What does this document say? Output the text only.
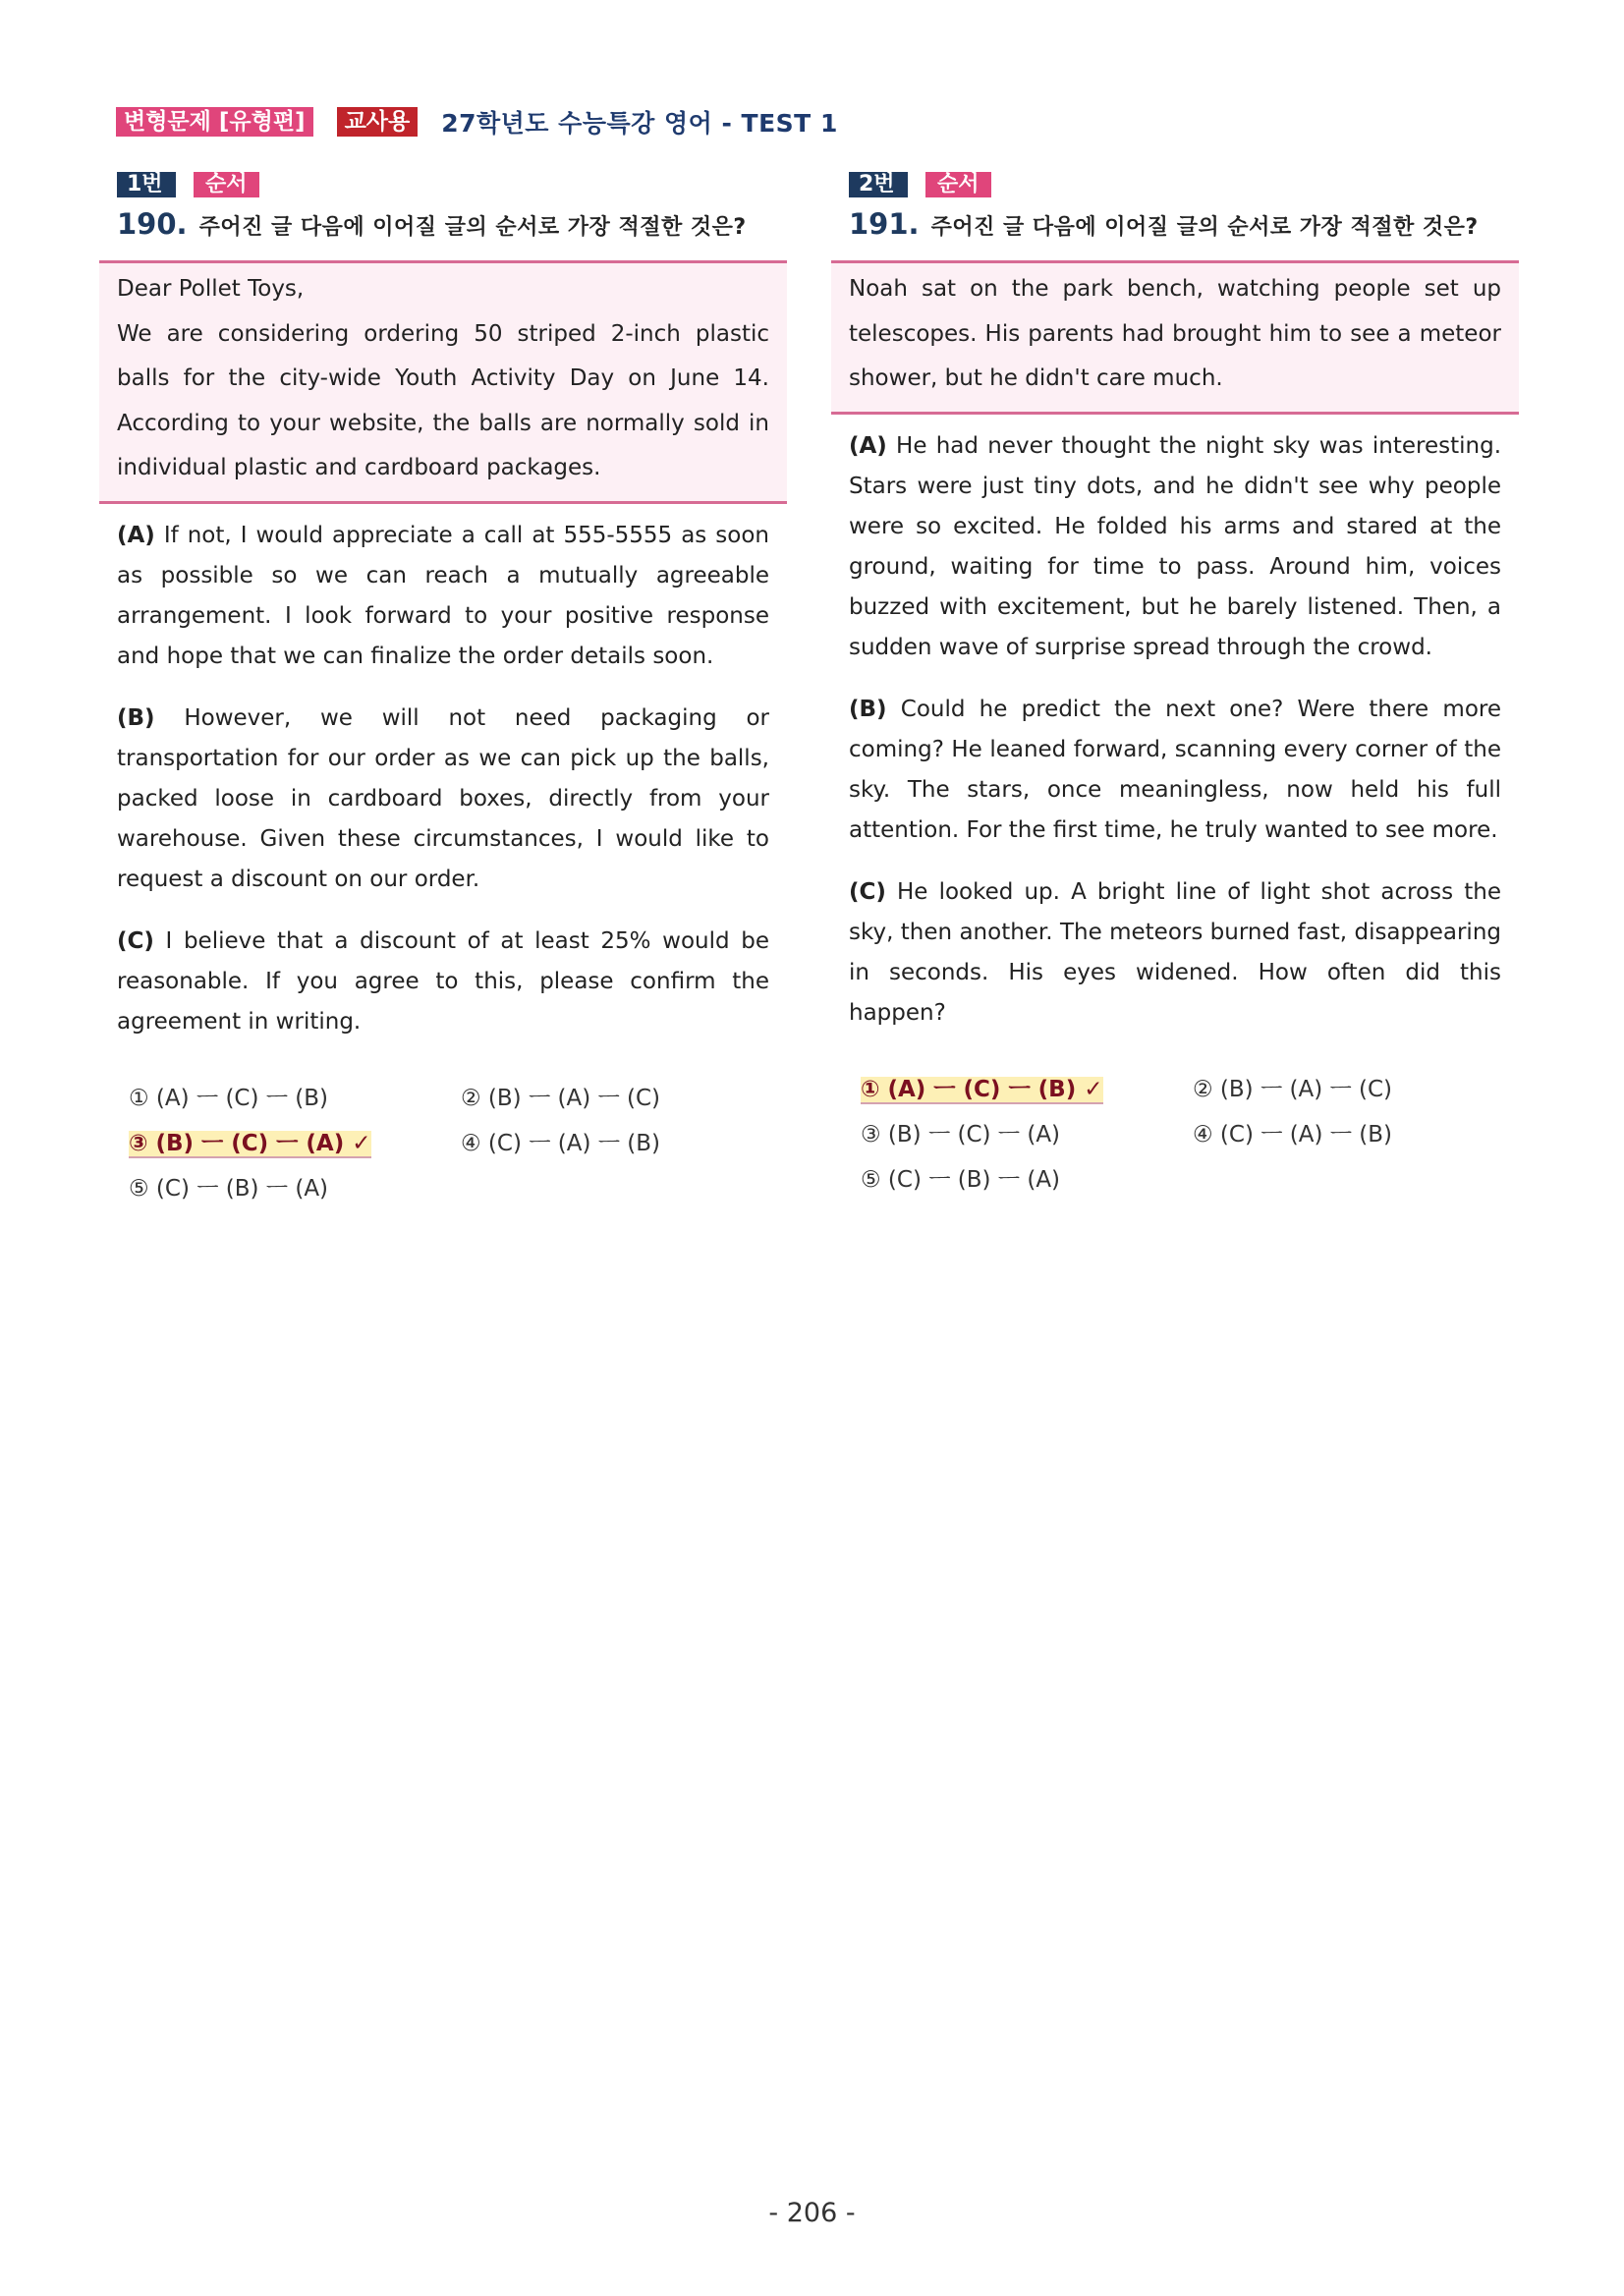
변형문제 [유형편]	교사용	27학년도 수능특강 영어 - TEST 1
1번	순서
190. 주어진 글 다음에 이어질 글의 순서로 가장 적절한 것은?

Dear Pollet Toys,
We are considering ordering 50 striped 2-inch plastic balls for the city-wide Youth Activity Day on June 14. According to your website, the balls are normally sold in individual plastic and cardboard packages.

(A) If not, I would appreciate a call at 555-5555 as soon as possible so we can reach a mutually agreeable arrangement. I look forward to your positive response and hope that we can finalize the order details soon.

(B) However, we will not need packaging or transportation for our order as we can pick up the balls, packed loose in cardboard boxes, directly from your warehouse. Given these circumstances, I would like to request a discount on our order.

(C) I believe that a discount of at least 25% would be reasonable. If you agree to this, please confirm the agreement in writing.

① (A) ㅡ (C) ㅡ (B)	② (B) ㅡ (A) ㅡ (C)
③ (B) ㅡ (C) ㅡ (A) ✓	④ (C) ㅡ (A) ㅡ (B)
⑤ (C) ㅡ (B) ㅡ (A)
2번	순서
191. 주어진 글 다음에 이어질 글의 순서로 가장 적절한 것은?

Noah sat on the park bench, watching people set up telescopes. His parents had brought him to see a meteor shower, but he didn't care much.

(A) He had never thought the night sky was interesting. Stars were just tiny dots, and he didn't see why people were so excited. He folded his arms and stared at the ground, waiting for time to pass. Around him, voices buzzed with excitement, but he barely listened. Then, a sudden wave of surprise spread through the crowd.

(B) Could he predict the next one? Were there more coming? He leaned forward, scanning every corner of the sky. The stars, once meaningless, now held his full attention. For the first time, he truly wanted to see more.

(C) He looked up. A bright line of light shot across the sky, then another. The meteors burned fast, disappearing in seconds. His eyes widened. How often did this happen?

① (A) ㅡ (C) ㅡ (B) ✓	② (B) ㅡ (A) ㅡ (C)
③ (B) ㅡ (C) ㅡ (A)	④ (C) ㅡ (A) ㅡ (B)
⑤ (C) ㅡ (B) ㅡ (A)
- 206 -
